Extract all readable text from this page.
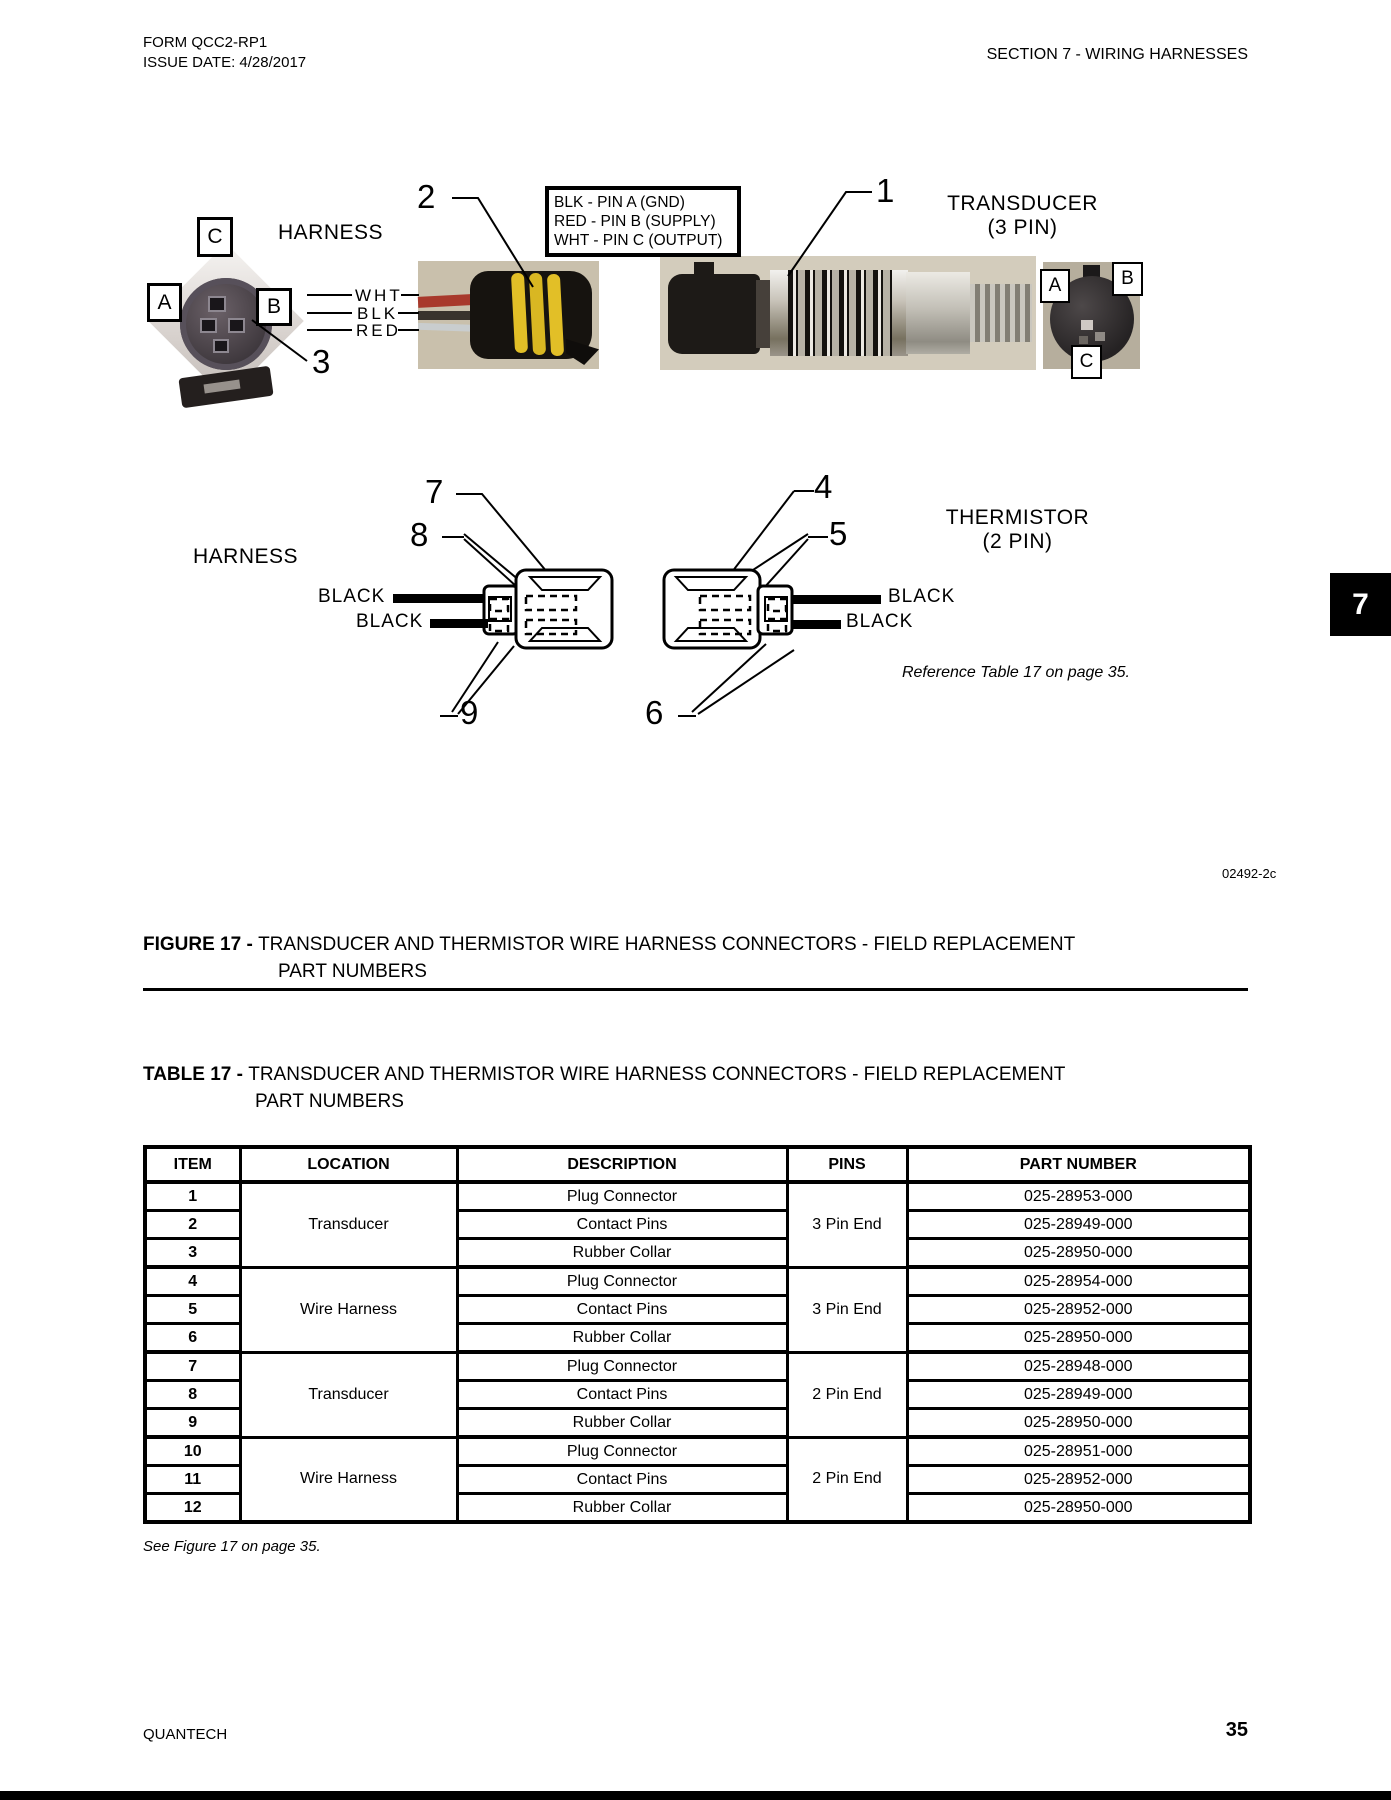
FORM QCC2-RP1
ISSUE DATE: 4/28/2017	SECTION 7 - WIRING HARNESSES
7
HARNESS
BLK - PIN A (GND)
RED - PIN B (SUPPLY)
WHT - PIN C (OUTPUT)
2	1
3
TRANSDUCER
(3 PIN)
WHT
BLK
RED
C
A	B
A	B
C
HARNESS
THERMISTOR
(2 PIN)
7
8
4
5
9	6
BLACK
BLACK
BLACK
BLACK
Reference Table 17 on page 35.
02492-2c
FIGURE 17 - TRANSDUCER AND THERMISTOR WIRE HARNESS CONNECTORS - FIELD REPLACEMENT
PART NUMBERS
TABLE 17 - TRANSDUCER AND THERMISTOR WIRE HARNESS CONNECTORS - FIELD REPLACEMENT
PART NUMBERS
ITEM	LOCATION	DESCRIPTION	PINS	PART NUMBER
1	Transducer	Plug Connector	3 Pin End	025-28953-000
2		Contact Pins		025-28949-000
3		Rubber Collar		025-28950-000
4	Wire Harness	Plug Connector	3 Pin End	025-28954-000
5		Contact Pins		025-28952-000
6		Rubber Collar		025-28950-000
7	Transducer	Plug Connector	2 Pin End	025-28948-000
8		Contact Pins		025-28949-000
9		Rubber Collar		025-28950-000
10	Wire Harness	Plug Connector	2 Pin End	025-28951-000
11		Contact Pins		025-28952-000
12		Rubber Collar		025-28950-000
See Figure 17 on page 35.
QUANTECH	35
